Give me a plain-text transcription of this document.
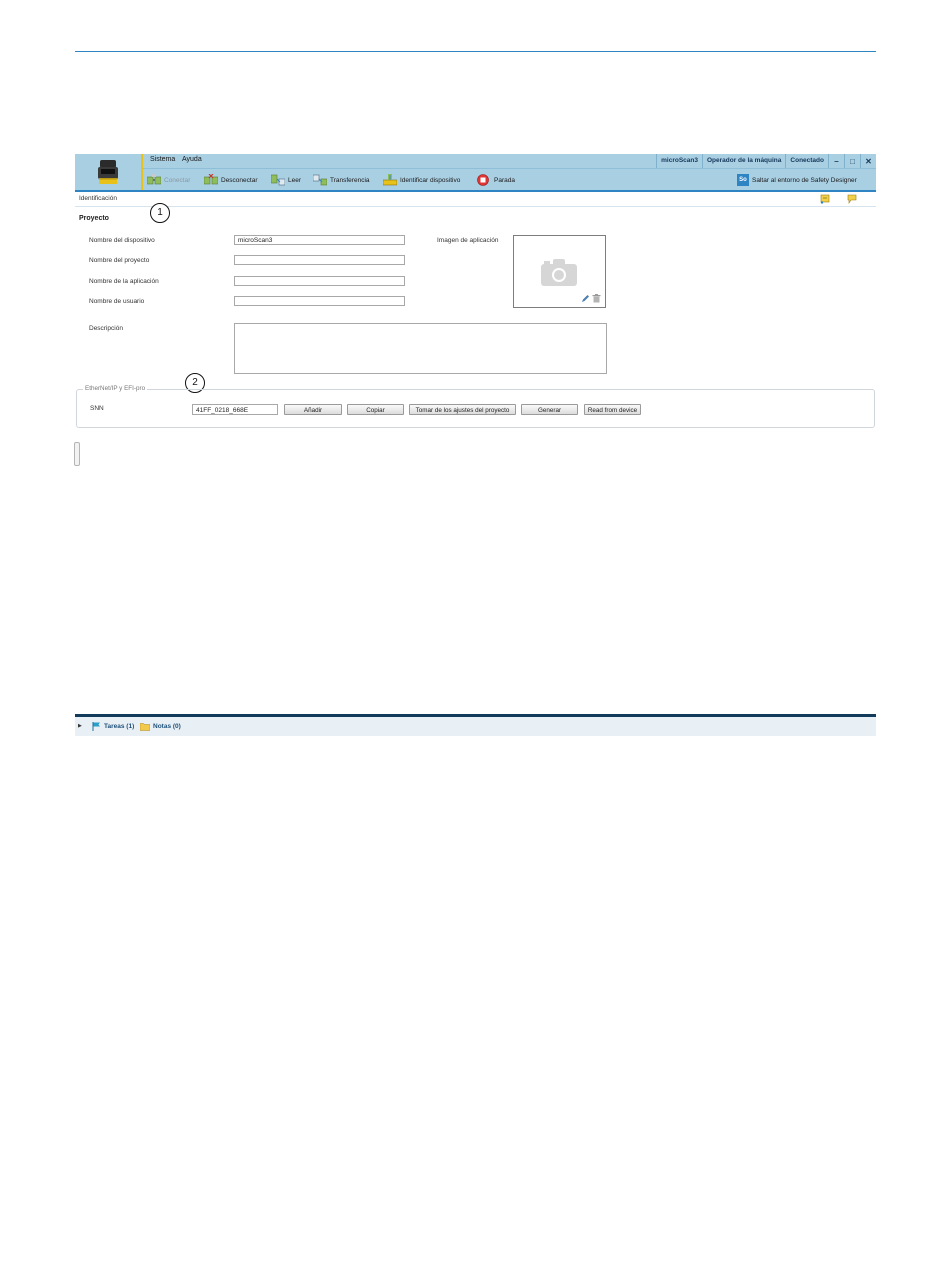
Sistema Ayuda	microScan3	Operador de la máquina	Conectado	– □ ✕
Conectar	Desconectar	Leer	Transferencia	Identificar dispositivo	Parada	So Saltar al entorno de Safety Designer
Identificación
1
Proyecto
Nombre del dispositivo	microScan3
Nombre del proyecto
Nombre de la aplicación
Nombre de usuario
Descripción
Imagen de aplicación
2
EtherNet/IP y EFI-pro
SNN	41FF_0218_668E	Añadir	Copiar	Tomar de los ajustes del proyecto	Generar	Read from device
▶	Tareas (1)	Notas (0)
